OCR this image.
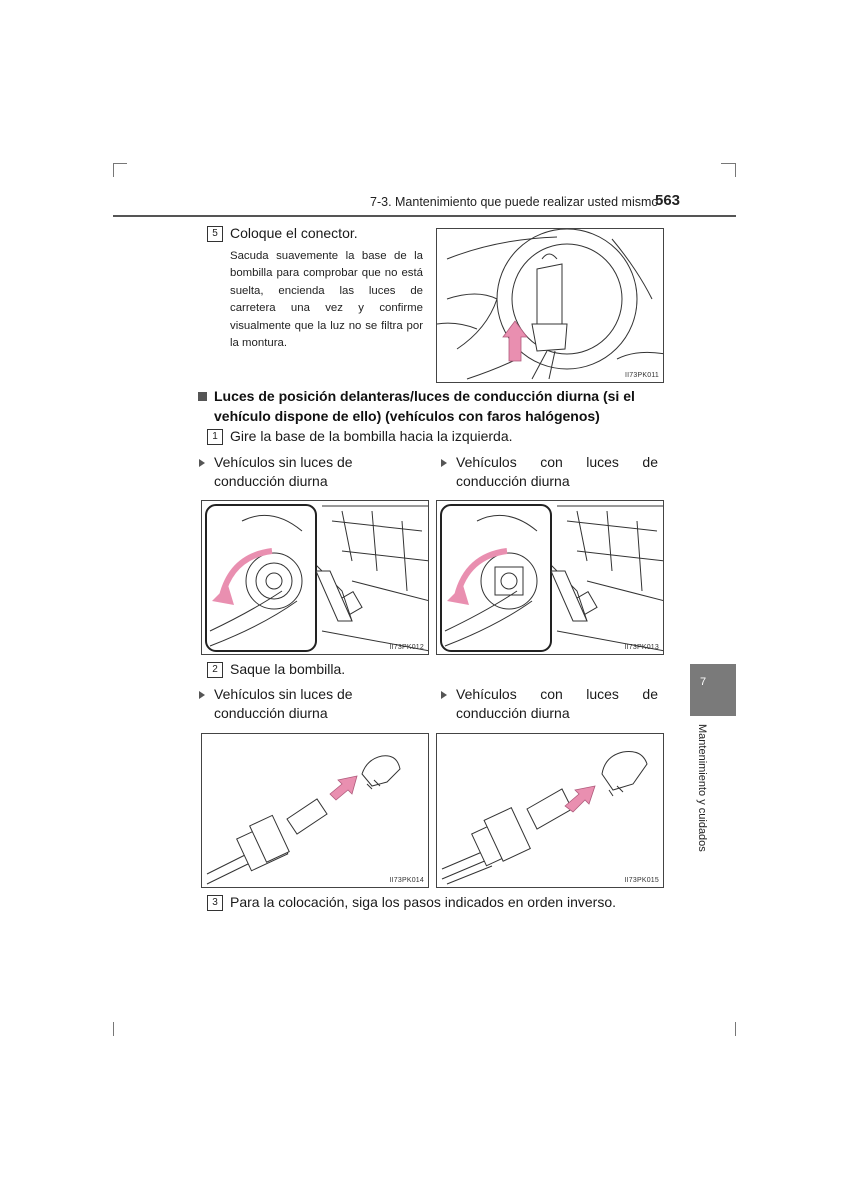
7-3. Mantenimiento que puede realizar usted mismo
563
7
Mantenimiento y cuidados
5 Coloque el conector.
Sacuda suavemente la base de la bombilla para comprobar que no está suelta, encienda las luces de carretera una vez y confirme visualmente que la luz no se filtra por la montura.
II73PK011
Luces de posición delanteras/luces de conducción diurna (si el vehículo dispone de ello) (vehículos con faros halógenos)
1 Gire la base de la bombilla hacia la izquierda.
Vehículos sin luces de conducción diurna
Vehículos con luces de conducción diurna
II73PK012	II73PK013
2 Saque la bombilla.
Vehículos sin luces de conducción diurna
Vehículos con luces de conducción diurna
II73PK014	II73PK015
3 Para la colocación, siga los pasos indicados en orden inverso.
